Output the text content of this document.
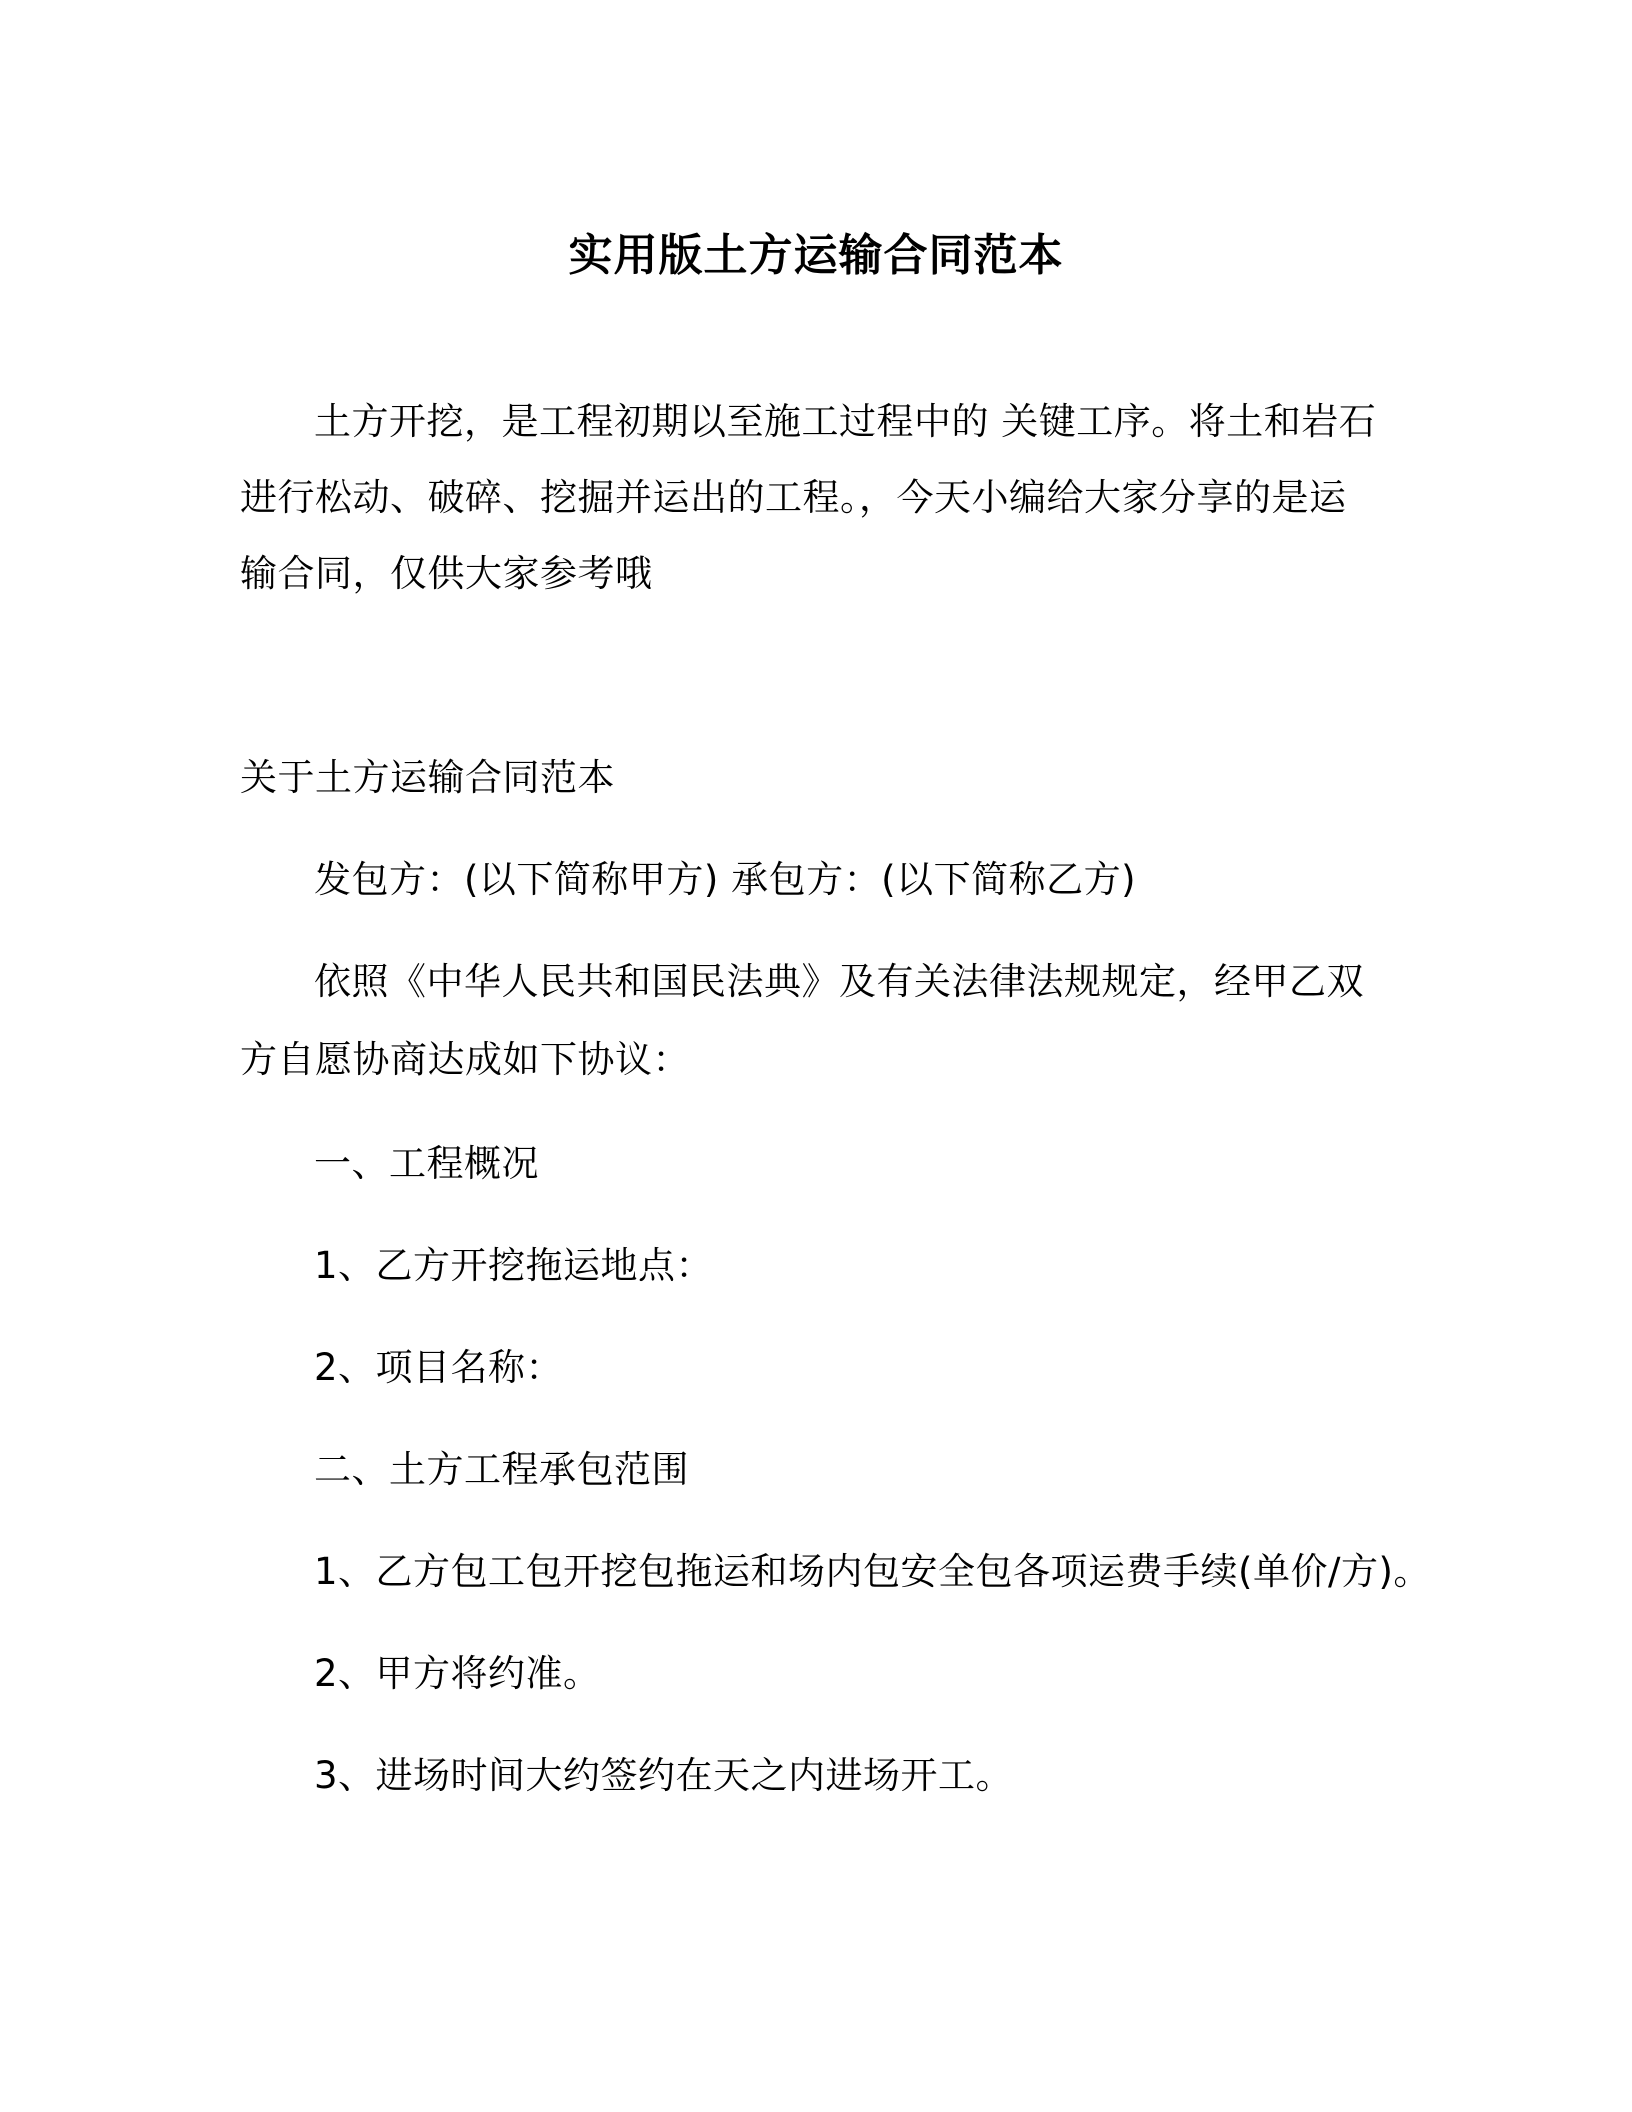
实用版土方运输合同范本
土方开挖，是工程初期以至施工过程中的 关键工序。将土和岩石
进行松动、破碎、挖掘并运出的工程。，今天小编给大家分享的是运
输合同，仅供大家参考哦
关于土方运输合同范本
发包方：(以下简称甲方) 承包方：(以下简称乙方)
依照《中华人民共和国民法典》及有关法律法规规定，经甲乙双
方自愿协商达成如下协议：
一、工程概况
1、乙方开挖拖运地点：
2、项目名称：
二、土方工程承包范围
1、乙方包工包开挖包拖运和场内包安全包各项运费手续(单价/方)。
2、甲方将约准。
3、进场时间大约签约在天之内进场开工。
